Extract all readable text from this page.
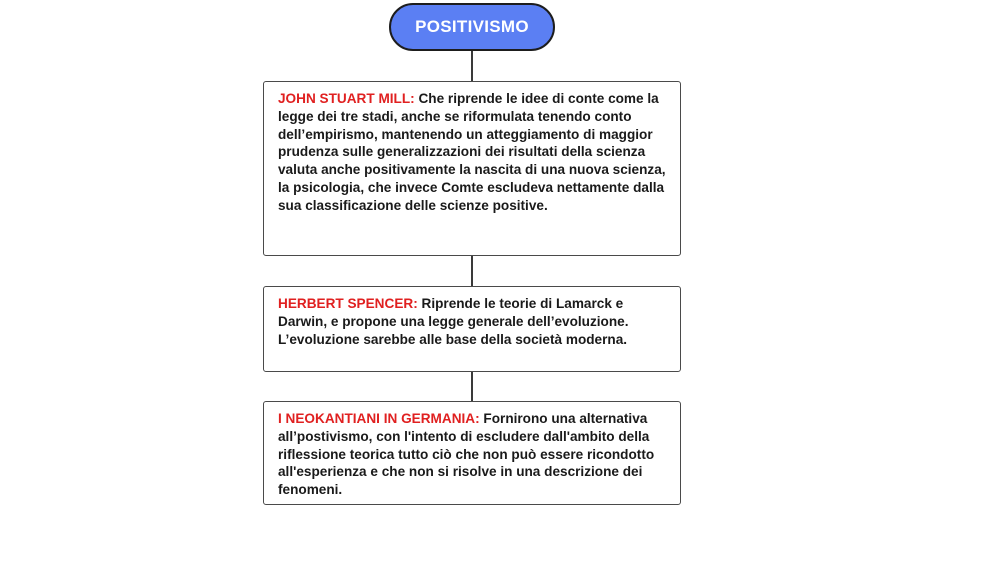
POSITIVISMO
JOHN STUART MILL: Che riprende le idee di conte come la legge dei tre stadi, anche se riformulata tenendo conto dell’empirismo, mantenendo un atteggiamento di maggior prudenza sulle generalizzazioni dei risultati della scienza valuta anche positivamente la nascita di una nuova scienza, la psicologia, che invece Comte escludeva nettamente dalla sua classificazione delle scienze positive.
HERBERT SPENCER: Riprende le teorie di Lamarck e Darwin, e propone una legge generale dell’evoluzione. L’evoluzione sarebbe alle base della società moderna.
I NEOKANTIANI IN GERMANIA: Fornirono una alternativa all’postivismo, con l'intento di escludere dall'ambito della riflessione teorica tutto ciò che non può essere ricondotto all'esperienza e che non si risolve in una descrizione dei fenomeni.
